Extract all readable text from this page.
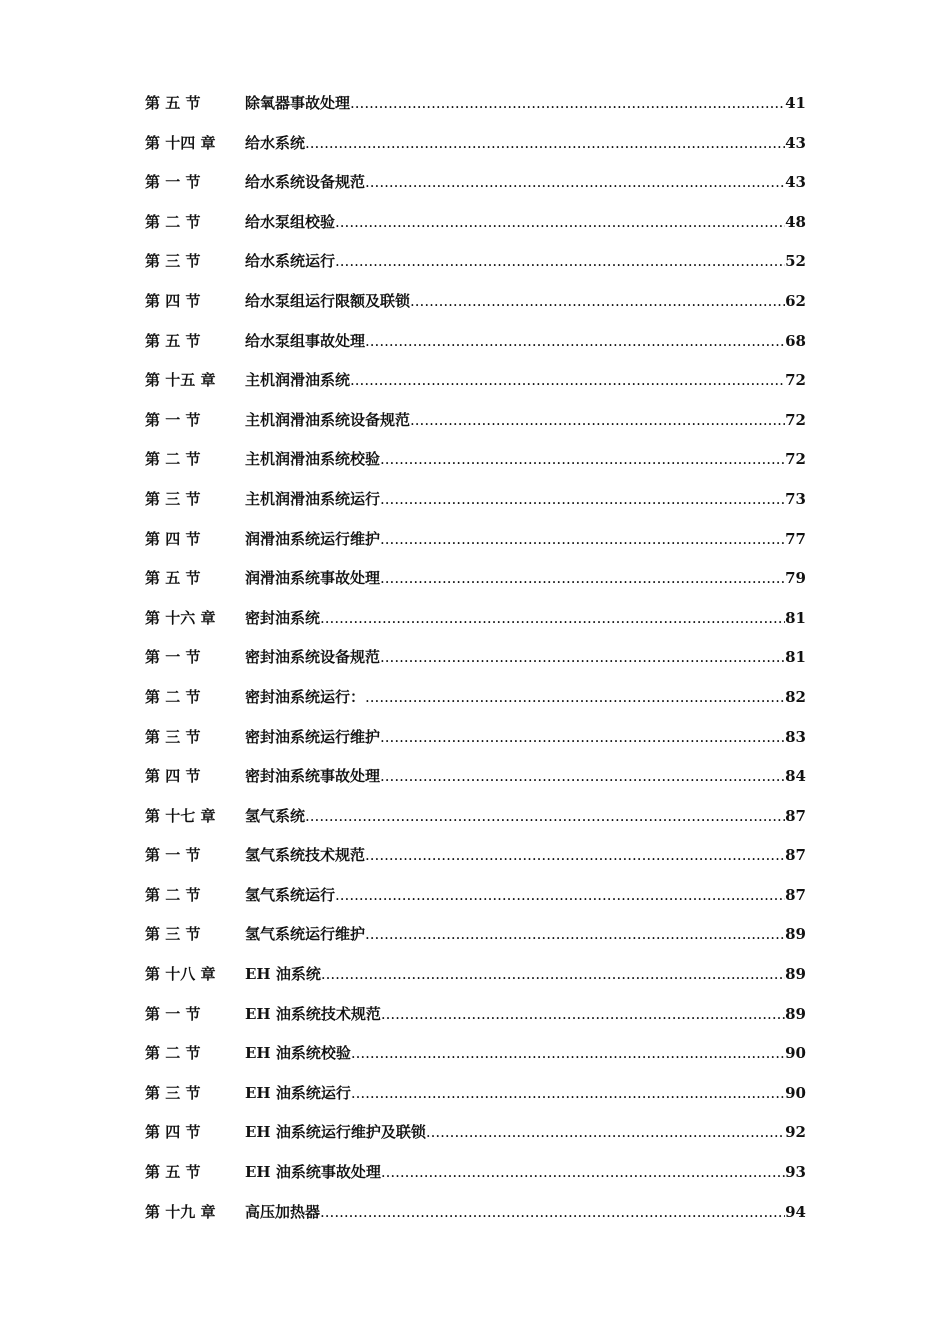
第 五 节	除氧器事故处理 .....	41
第 十四 章	给水系统 .....	43
第 一 节	给水系统设备规范 .....	43
第 二 节	给水泵组校验 .....	48
第 三 节	给水系统运行 .....	52
第 四 节	给水泵组运行限额及联锁 .....	62
第 五 节	给水泵组事故处理 .....	68
第 十五 章	主机润滑油系统 .....	72
第 一 节	主机润滑油系统设备规范 .....	72
第 二 节	主机润滑油系统校验 .....	72
第 三 节	主机润滑油系统运行 .....	73
第 四 节	润滑油系统运行维护 .....	77
第 五 节	润滑油系统事故处理 .....	79
第 十六 章	密封油系统 .....	81
第 一 节	密封油系统设备规范 .....	81
第 二 节	密封油系统运行： .....	82
第 三 节	密封油系统运行维护 .....	83
第 四 节	密封油系统事故处理 .....	84
第 十七 章	氢气系统 .....	87
第 一 节	氢气系统技术规范 .....	87
第 二 节	氢气系统运行 .....	87
第 三 节	氢气系统运行维护 .....	89
第 十八 章	EH 油系统 .....	89
第 一 节	EH 油系统技术规范 .....	89
第 二 节	EH 油系统校验 .....	90
第 三 节	EH 油系统运行 .....	90
第 四 节	EH 油系统运行维护及联锁 .....	92
第 五 节	EH 油系统事故处理 .....	93
第 十九 章	高压加热器 .....	94
